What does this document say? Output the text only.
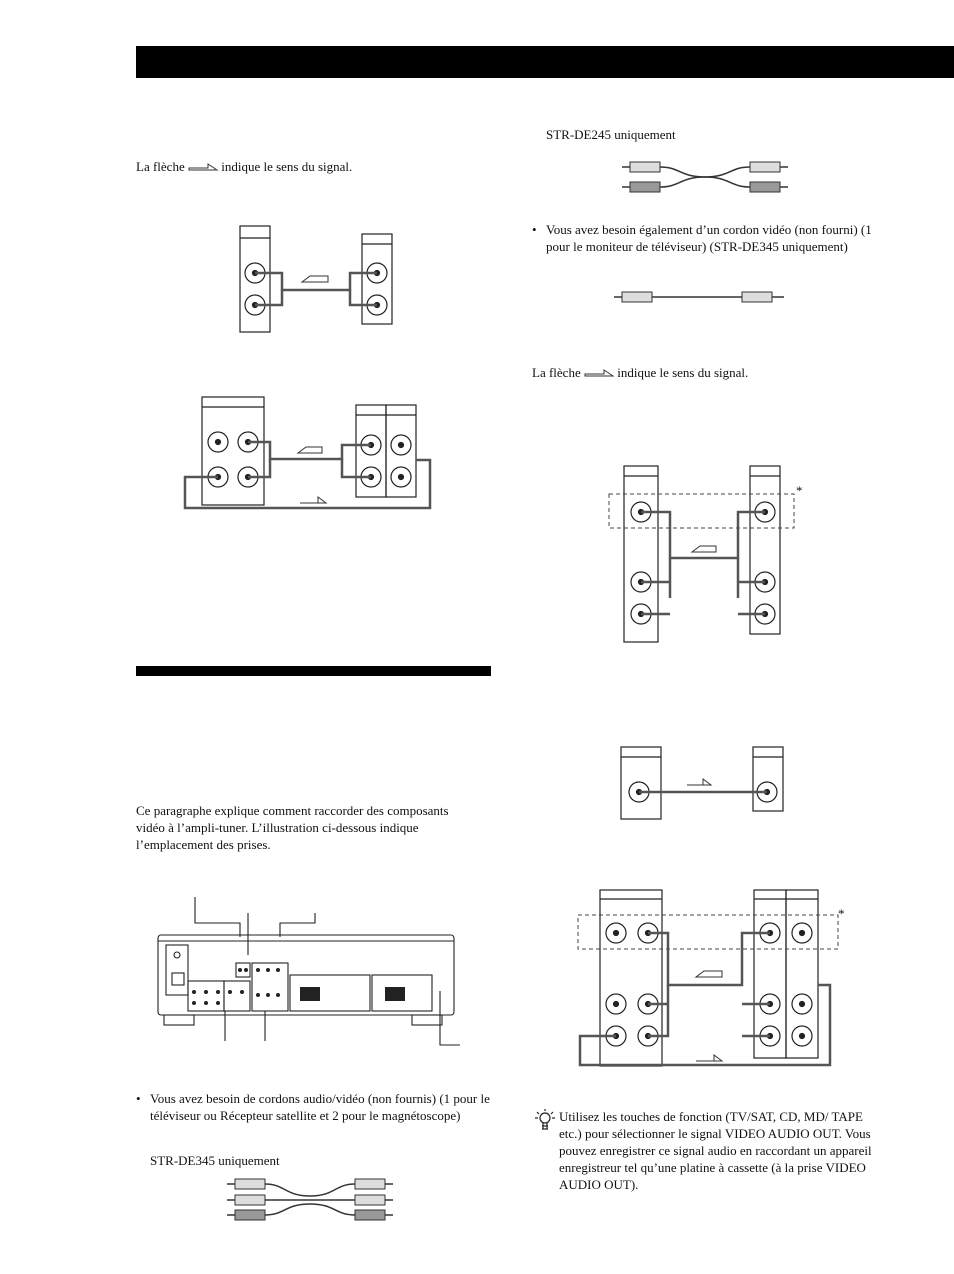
La flèche	indique le sens du signal.
Ce paragraphe explique comment raccorder des composants vidéo à l’ampli-tuner. L’illustration ci-dessous indique l’emplacement des prises.
• Vous avez besoin de cordons audio/vidéo (non fournis) (1 pour le téléviseur ou Récepteur satellite et 2 pour le magnétoscope)
STR-DE345 uniquement
STR-DE245 uniquement
• Vous avez besoin également d’un cordon vidéo (non fourni) (1 pour le moniteur de téléviseur) (STR-DE345 uniquement)
La flèche	indique le sens du signal.
*
*
Utilisez les touches de fonction (TV/SAT, CD, MD/ TAPE etc.) pour sélectionner le signal VIDEO AUDIO OUT. Vous pouvez enregistrer ce signal audio en raccordant un appareil enregistreur tel qu’une platine à cassette (à la prise VIDEO AUDIO OUT).
